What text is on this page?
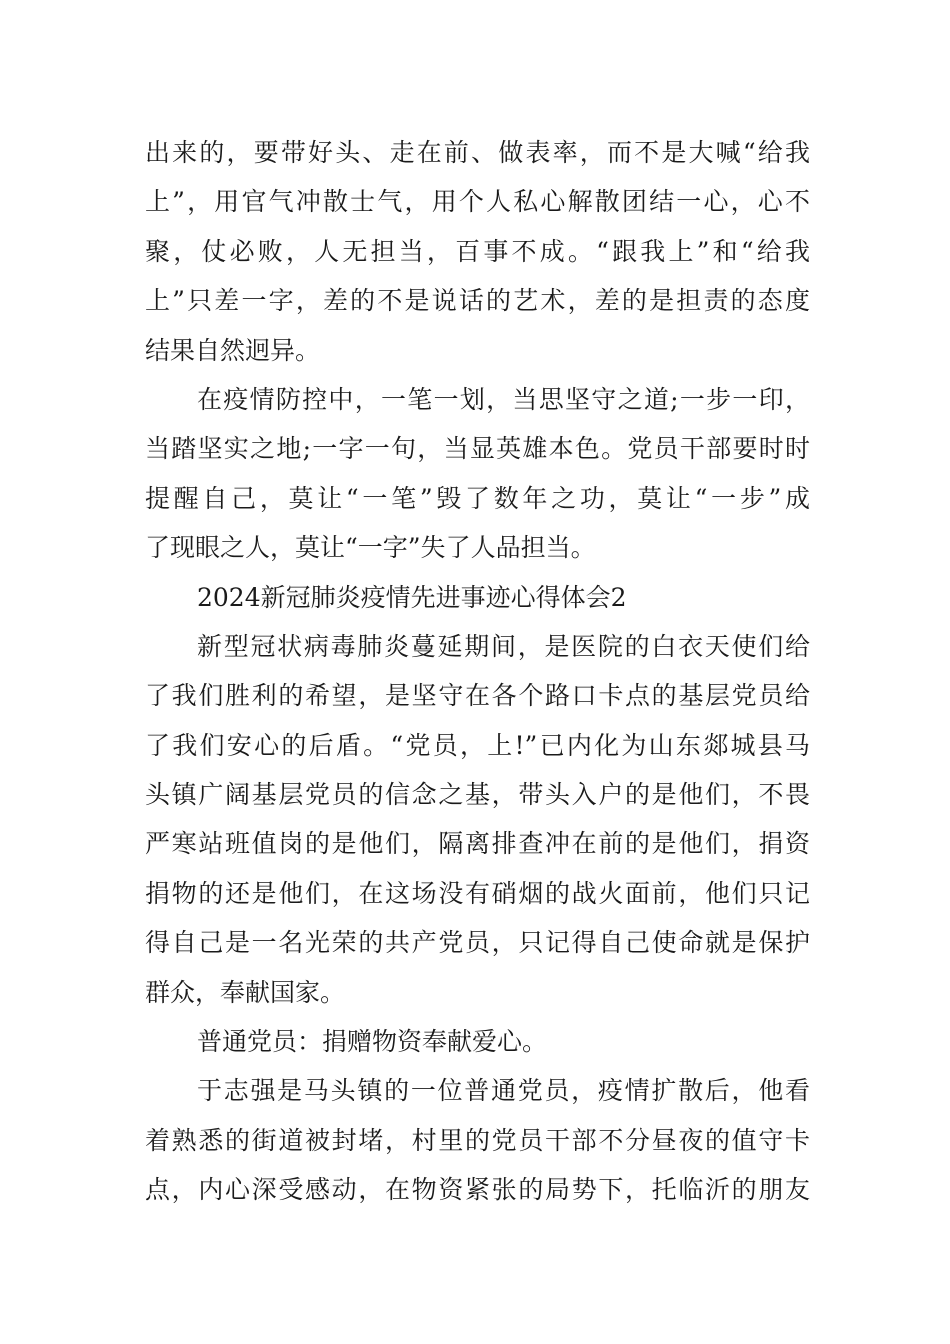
出来的，要带好头、走在前、做表率，而不是大喊“给我
上”，用官气冲散士气，用个人私心解散团结一心，心不
聚，仗必败，人无担当，百事不成。“跟我上”和“给我
上”只差一字，差的不是说话的艺术，差的是担责的态度
结果自然迥异。
在疫情防控中，一笔一划，当思坚守之道;一步一印，
当踏坚实之地;一字一句，当显英雄本色。党员干部要时时
提醒自己，莫让“一笔”毁了数年之功，莫让“一步”成
了现眼之人，莫让“一字”失了人品担当。
2024新冠肺炎疫情先进事迹心得体会2
新型冠状病毒肺炎蔓延期间，是医院的白衣天使们给
了我们胜利的希望，是坚守在各个路口卡点的基层党员给
了我们安心的后盾。“党员，上!”已内化为山东郯城县马
头镇广阔基层党员的信念之基，带头入户的是他们，不畏
严寒站班值岗的是他们，隔离排查冲在前的是他们，捐资
捐物的还是他们，在这场没有硝烟的战火面前，他们只记
得自己是一名光荣的共产党员，只记得自己使命就是保护
群众，奉献国家。
普通党员：捐赠物资奉献爱心。
于志强是马头镇的一位普通党员，疫情扩散后，他看
着熟悉的街道被封堵，村里的党员干部不分昼夜的值守卡
点，内心深受感动，在物资紧张的局势下，托临沂的朋友
